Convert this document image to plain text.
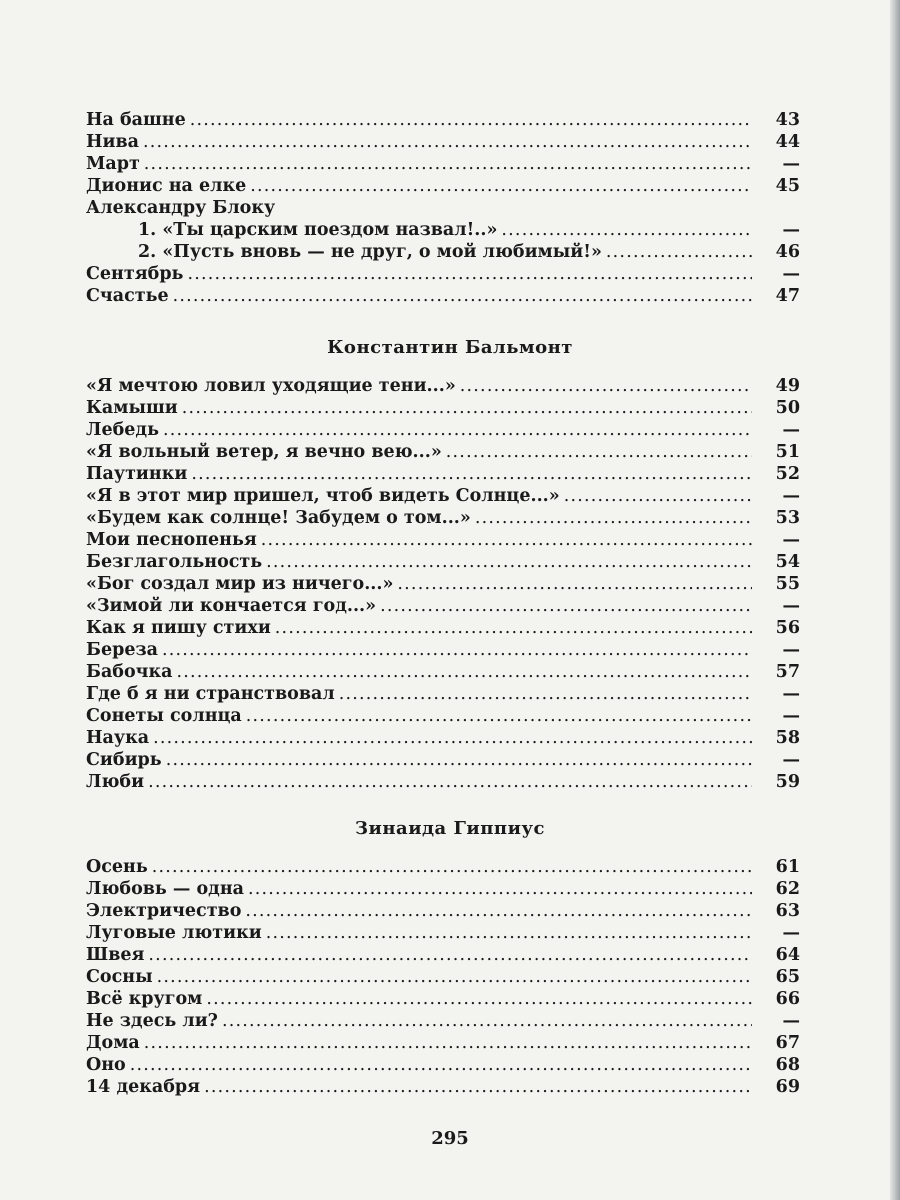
На башне .....	43
Нива .....	44
Март .....	—
Дионис на елке .....	45
Александру Блоку
1. «Ты царским поездом назвал!..» .....	—
2. «Пусть вновь — не друг, о мой любимый!» .....	46
Сентябрь .....	—
Счастье .....	47
Константин Бальмонт
«Я мечтою ловил уходящие тени...» .....	49
Камыши .....	50
Лебедь .....	—
«Я вольный ветер, я вечно вею...» .....	51
Паутинки .....	52
«Я в этот мир пришел, чтоб видеть Солнце...» .....	—
«Будем как солнце! Забудем о том...» .....	53
Мои песнопенья .....	—
Безглагольность .....	54
«Бог создал мир из ничего...» .....	55
«Зимой ли кончается год...» .....	—
Как я пишу стихи .....	56
Береза .....	—
Бабочка .....	57
Где б я ни странствовал .....	—
Сонеты солнца .....	—
Наука .....	58
Сибирь .....	—
Люби .....	59
Зинаида Гиппиус
Осень .....	61
Любовь — одна .....	62
Электричество .....	63
Луговые лютики .....	—
Швея .....	64
Сосны .....	65
Всё кругом .....	66
Не здесь ли? .....	—
Дома .....	67
Оно .....	68
14 декабря .....	69
295
